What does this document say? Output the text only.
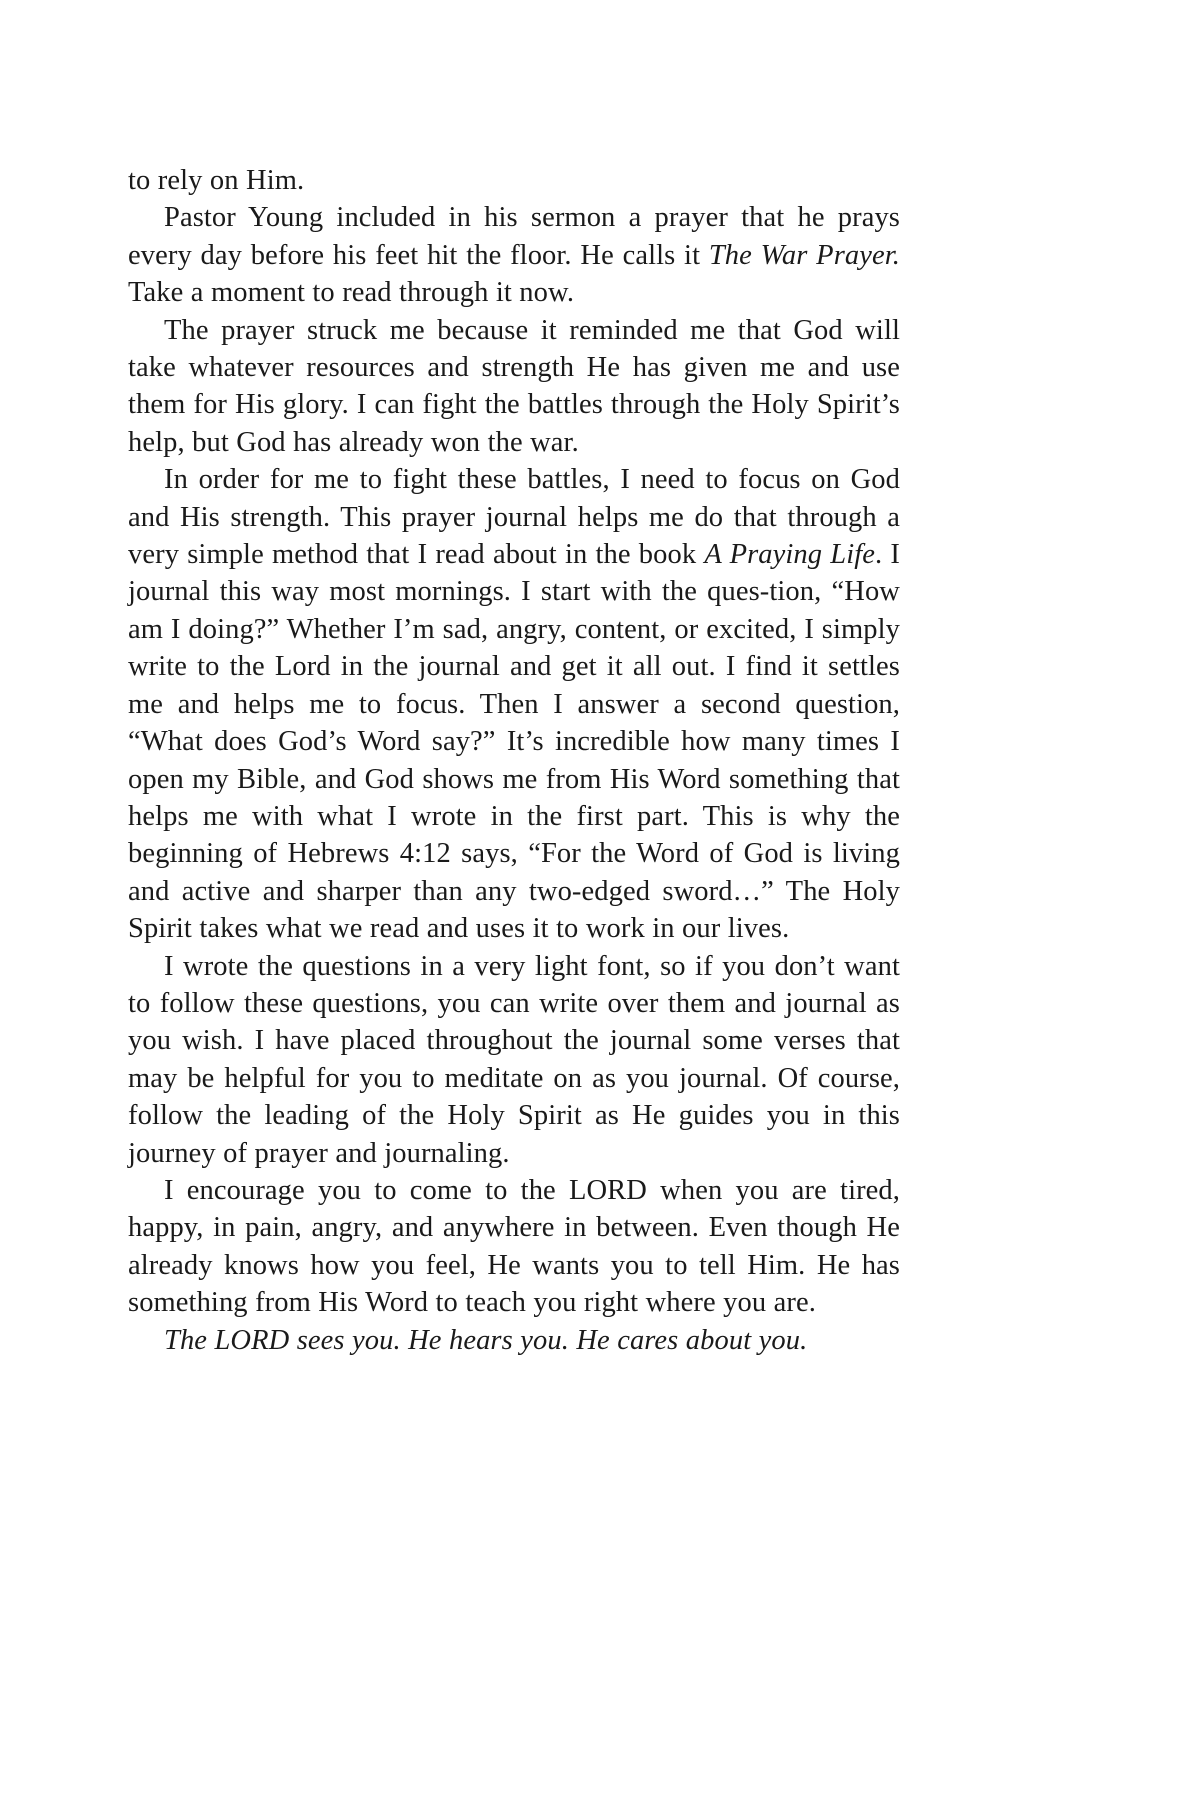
to rely on Him.

Pastor Young included in his sermon a prayer that he prays every day before his feet hit the floor. He calls it The War Prayer. Take a moment to read through it now.

The prayer struck me because it reminded me that God will take whatever resources and strength He has given me and use them for His glory. I can fight the battles through the Holy Spirit’s help, but God has already won the war.

In order for me to fight these battles, I need to focus on God and His strength. This prayer journal helps me do that through a very simple method that I read about in the book A Praying Life. I journal this way most mornings. I start with the ques-tion, “How am I doing?” Whether I’m sad, angry, content, or excited, I simply write to the Lord in the journal and get it all out. I find it settles me and helps me to focus. Then I answer a second question, “What does God’s Word say?” It’s incredible how many times I open my Bible, and God shows me from His Word something that helps me with what I wrote in the first part. This is why the beginning of Hebrews 4:12 says, “For the Word of God is living and active and sharper than any two-edged sword…” The Holy Spirit takes what we read and uses it to work in our lives.

I wrote the questions in a very light font, so if you don’t want to follow these questions, you can write over them and journal as you wish. I have placed throughout the journal some verses that may be helpful for you to meditate on as you journal. Of course, follow the leading of the Holy Spirit as He guides you in this journey of prayer and journaling.

I encourage you to come to the LORD when you are tired, happy, in pain, angry, and anywhere in between. Even though He already knows how you feel, He wants you to tell Him. He has something from His Word to teach you right where you are.

The LORD sees you. He hears you. He cares about you.
